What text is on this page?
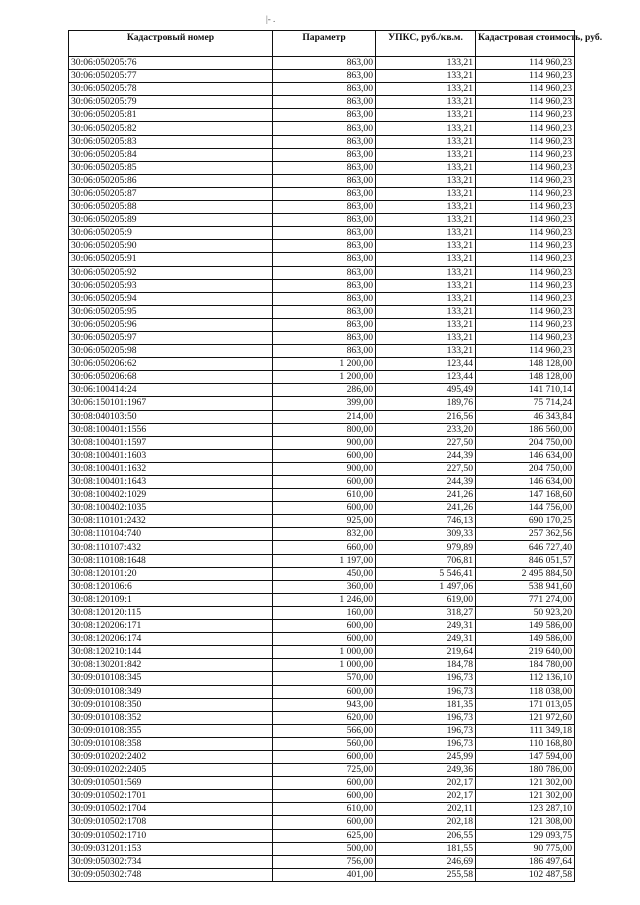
|- .
Кадастровый номер	Параметр	УПКС, руб./кв.м.	Кадастровая стоимость, руб.
30:06:050205:76	863,00	133,21	114 960,23
30:06:050205:77	863,00	133,21	114 960,23
30:06:050205:78	863,00	133,21	114 960,23
30:06:050205:79	863,00	133,21	114 960,23
30:06:050205:81	863,00	133,21	114 960,23
30:06:050205:82	863,00	133,21	114 960,23
30:06:050205:83	863,00	133,21	114 960,23
30:06:050205:84	863,00	133,21	114 960,23
30:06:050205:85	863,00	133,21	114 960,23
30:06:050205:86	863,00	133,21	114 960,23
30:06:050205:87	863,00	133,21	114 960,23
30:06:050205:88	863,00	133,21	114 960,23
30:06:050205:89	863,00	133,21	114 960,23
30:06:050205:9	863,00	133,21	114 960,23
30:06:050205:90	863,00	133,21	114 960,23
30:06:050205:91	863,00	133,21	114 960,23
30:06:050205:92	863,00	133,21	114 960,23
30:06:050205:93	863,00	133,21	114 960,23
30:06:050205:94	863,00	133,21	114 960,23
30:06:050205:95	863,00	133,21	114 960,23
30:06:050205:96	863,00	133,21	114 960,23
30:06:050205:97	863,00	133,21	114 960,23
30:06:050205:98	863,00	133,21	114 960,23
30:06:050206:62	1 200,00	123,44	148 128,00
30:06:050206:68	1 200,00	123,44	148 128,00
30:06:100414:24	286,00	495,49	141 710,14
30:06:150101:1967	399,00	189,76	75 714,24
30:08:040103:50	214,00	216,56	46 343,84
30:08:100401:1556	800,00	233,20	186 560,00
30:08:100401:1597	900,00	227,50	204 750,00
30:08:100401:1603	600,00	244,39	146 634,00
30:08:100401:1632	900,00	227,50	204 750,00
30:08:100401:1643	600,00	244,39	146 634,00
30:08:100402:1029	610,00	241,26	147 168,60
30:08:100402:1035	600,00	241,26	144 756,00
30:08:110101:2432	925,00	746,13	690 170,25
30:08:110104:740	832,00	309,33	257 362,56
30:08:110107:432	660,00	979,89	646 727,40
30:08:110108:1648	1 197,00	706,81	846 051,57
30:08:120101:20	450,00	5 546,41	2 495 884,50
30:08:120106:6	360,00	1 497,06	538 941,60
30:08:120109:1	1 246,00	619,00	771 274,00
30:08:120120:115	160,00	318,27	50 923,20
30:08:120206:171	600,00	249,31	149 586,00
30:08:120206:174	600,00	249,31	149 586,00
30:08:120210:144	1 000,00	219,64	219 640,00
30:08:130201:842	1 000,00	184,78	184 780,00
30:09:010108:345	570,00	196,73	112 136,10
30:09:010108:349	600,00	196,73	118 038,00
30:09:010108:350	943,00	181,35	171 013,05
30:09:010108:352	620,00	196,73	121 972,60
30:09:010108:355	566,00	196,73	111 349,18
30:09:010108:358	560,00	196,73	110 168,80
30:09:010202:2402	600,00	245,99	147 594,00
30:09:010202:2405	725,00	249,36	180 786,00
30:09:010501:569	600,00	202,17	121 302,00
30:09:010502:1701	600,00	202,17	121 302,00
30:09:010502:1704	610,00	202,11	123 287,10
30:09:010502:1708	600,00	202,18	121 308,00
30:09:010502:1710	625,00	206,55	129 093,75
30:09:031201:153	500,00	181,55	90 775,00
30:09:050302:734	756,00	246,69	186 497,64
30:09:050302:748	401,00	255,58	102 487,58
